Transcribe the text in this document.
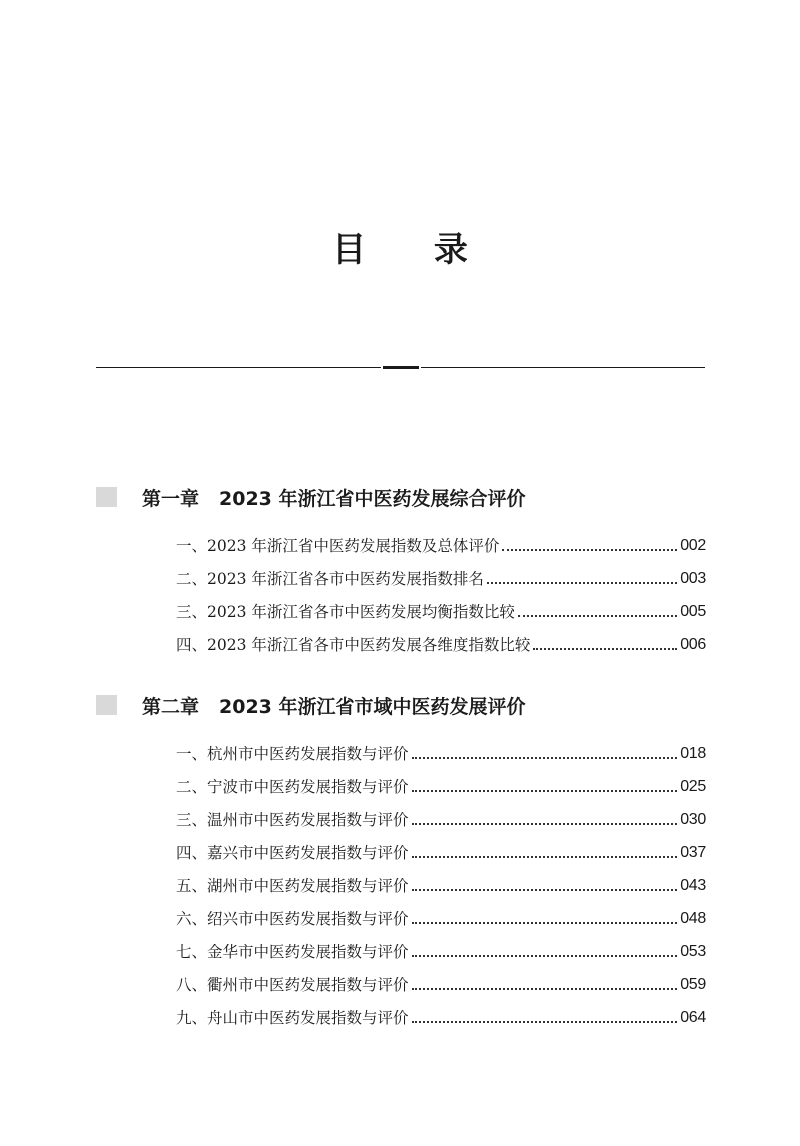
目 录
第一章 2023 年浙江省中医药发展综合评价
一、 2023 年浙江省中医药发展指数及总体评价	002
二、 2023 年浙江省各市中医药发展指数排名	003
三、 2023 年浙江省各市中医药发展均衡指数比较	005
四、 2023 年浙江省各市中医药发展各维度指数比较	006
第二章 2023 年浙江省市域中医药发展评价
一、 杭州市中医药发展指数与评价	018
二、 宁波市中医药发展指数与评价	025
三、 温州市中医药发展指数与评价	030
四、 嘉兴市中医药发展指数与评价	037
五、 湖州市中医药发展指数与评价	043
六、 绍兴市中医药发展指数与评价	048
七、 金华市中医药发展指数与评价	053
八、 衢州市中医药发展指数与评价	059
九、 舟山市中医药发展指数与评价	064
